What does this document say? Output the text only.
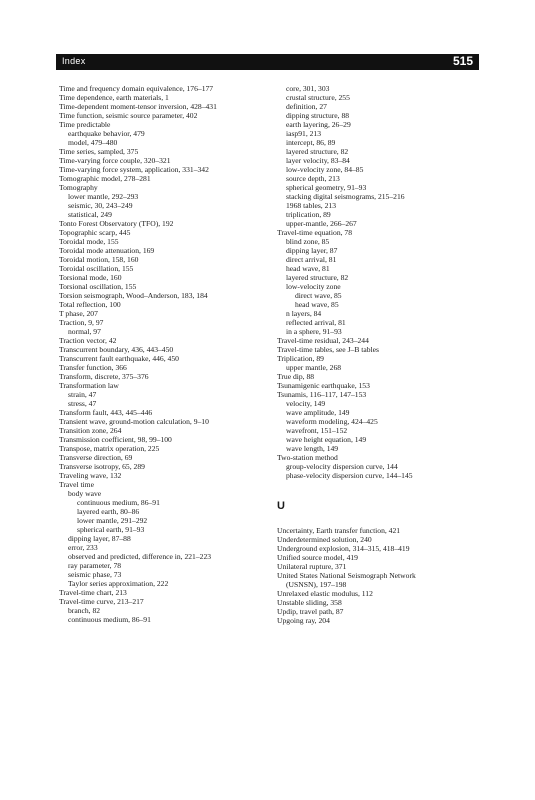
Index	515
Time and frequency domain equivalence, 176–177
Time dependence, earth materials, 1
Time-dependent moment-tensor inversion, 428–431
Time function, seismic source parameter, 402
Time predictable
earthquake behavior, 479
model, 479–480
Time series, sampled, 375
Time-varying force couple, 320–321
Time-varying force system, application, 331–342
Tomographic model, 278–281
Tomography
lower mantle, 292–293
seismic, 30, 243–249
statistical, 249
Tonto Forest Observatory (TFO), 192
Topographic scarp, 445
Toroidal mode, 155
Toroidal mode attenuation, 169
Toroidal motion, 158, 160
Toroidal oscillation, 155
Torsional mode, 160
Torsional oscillation, 155
Torsion seismograph, Wood–Anderson, 183, 184
Total reflection, 100
T phase, 207
Traction, 9, 97
normal, 97
Traction vector, 42
Transcurrent boundary, 436, 443–450
Transcurrent fault earthquake, 446, 450
Transfer function, 366
Transform, discrete, 375–376
Transformation law
strain, 47
stress, 47
Transform fault, 443, 445–446
Transient wave, ground-motion calculation, 9–10
Transition zone, 264
Transmission coefficient, 98, 99–100
Transpose, matrix operation, 225
Transverse direction, 69
Transverse isotropy, 65, 289
Traveling wave, 132
Travel time
body wave
continuous medium, 86–91
layered earth, 80–86
lower mantle, 291–292
spherical earth, 91–93
dipping layer, 87–88
error, 233
observed and predicted, difference in, 221–223
ray parameter, 78
seismic phase, 73
Taylor series approximation, 222
Travel-time chart, 213
Travel-time curve, 213–217
branch, 82
continuous medium, 86–91
core, 301, 303
crustal structure, 255
definition, 27
dipping structure, 88
earth layering, 26–29
iasp91, 213
intercept, 86, 89
layered structure, 82
layer velocity, 83–84
low-velocity zone, 84–85
source depth, 213
spherical geometry, 91–93
stacking digital seismograms, 215–216
1968 tables, 213
triplication, 89
upper-mantle, 266–267
Travel-time equation, 78
blind zone, 85
dipping layer, 87
direct arrival, 81
head wave, 81
layered structure, 82
low-velocity zone
direct wave, 85
head wave, 85
n layers, 84
reflected arrival, 81
in a sphere, 91–93
Travel-time residual, 243–244
Travel-time tables, see J–B tables
Triplication, 89
upper mantle, 268
True dip, 88
Tsunamigenic earthquake, 153
Tsunamis, 116–117, 147–153
velocity, 149
wave amplitude, 149
waveform modeling, 424–425
wavefront, 151–152
wave height equation, 149
wave length, 149
Two-station method
group-velocity dispersion curve, 144
phase-velocity dispersion curve, 144–145
U
Uncertainty, Earth transfer function, 421
Underdetermined solution, 240
Underground explosion, 314–315, 418–419
Unified source model, 419
Unilateral rupture, 371
United States National Seismograph Network
(USNSN), 197–198
Unrelaxed elastic modulus, 112
Unstable sliding, 358
Updip, travel path, 87
Upgoing ray, 204
